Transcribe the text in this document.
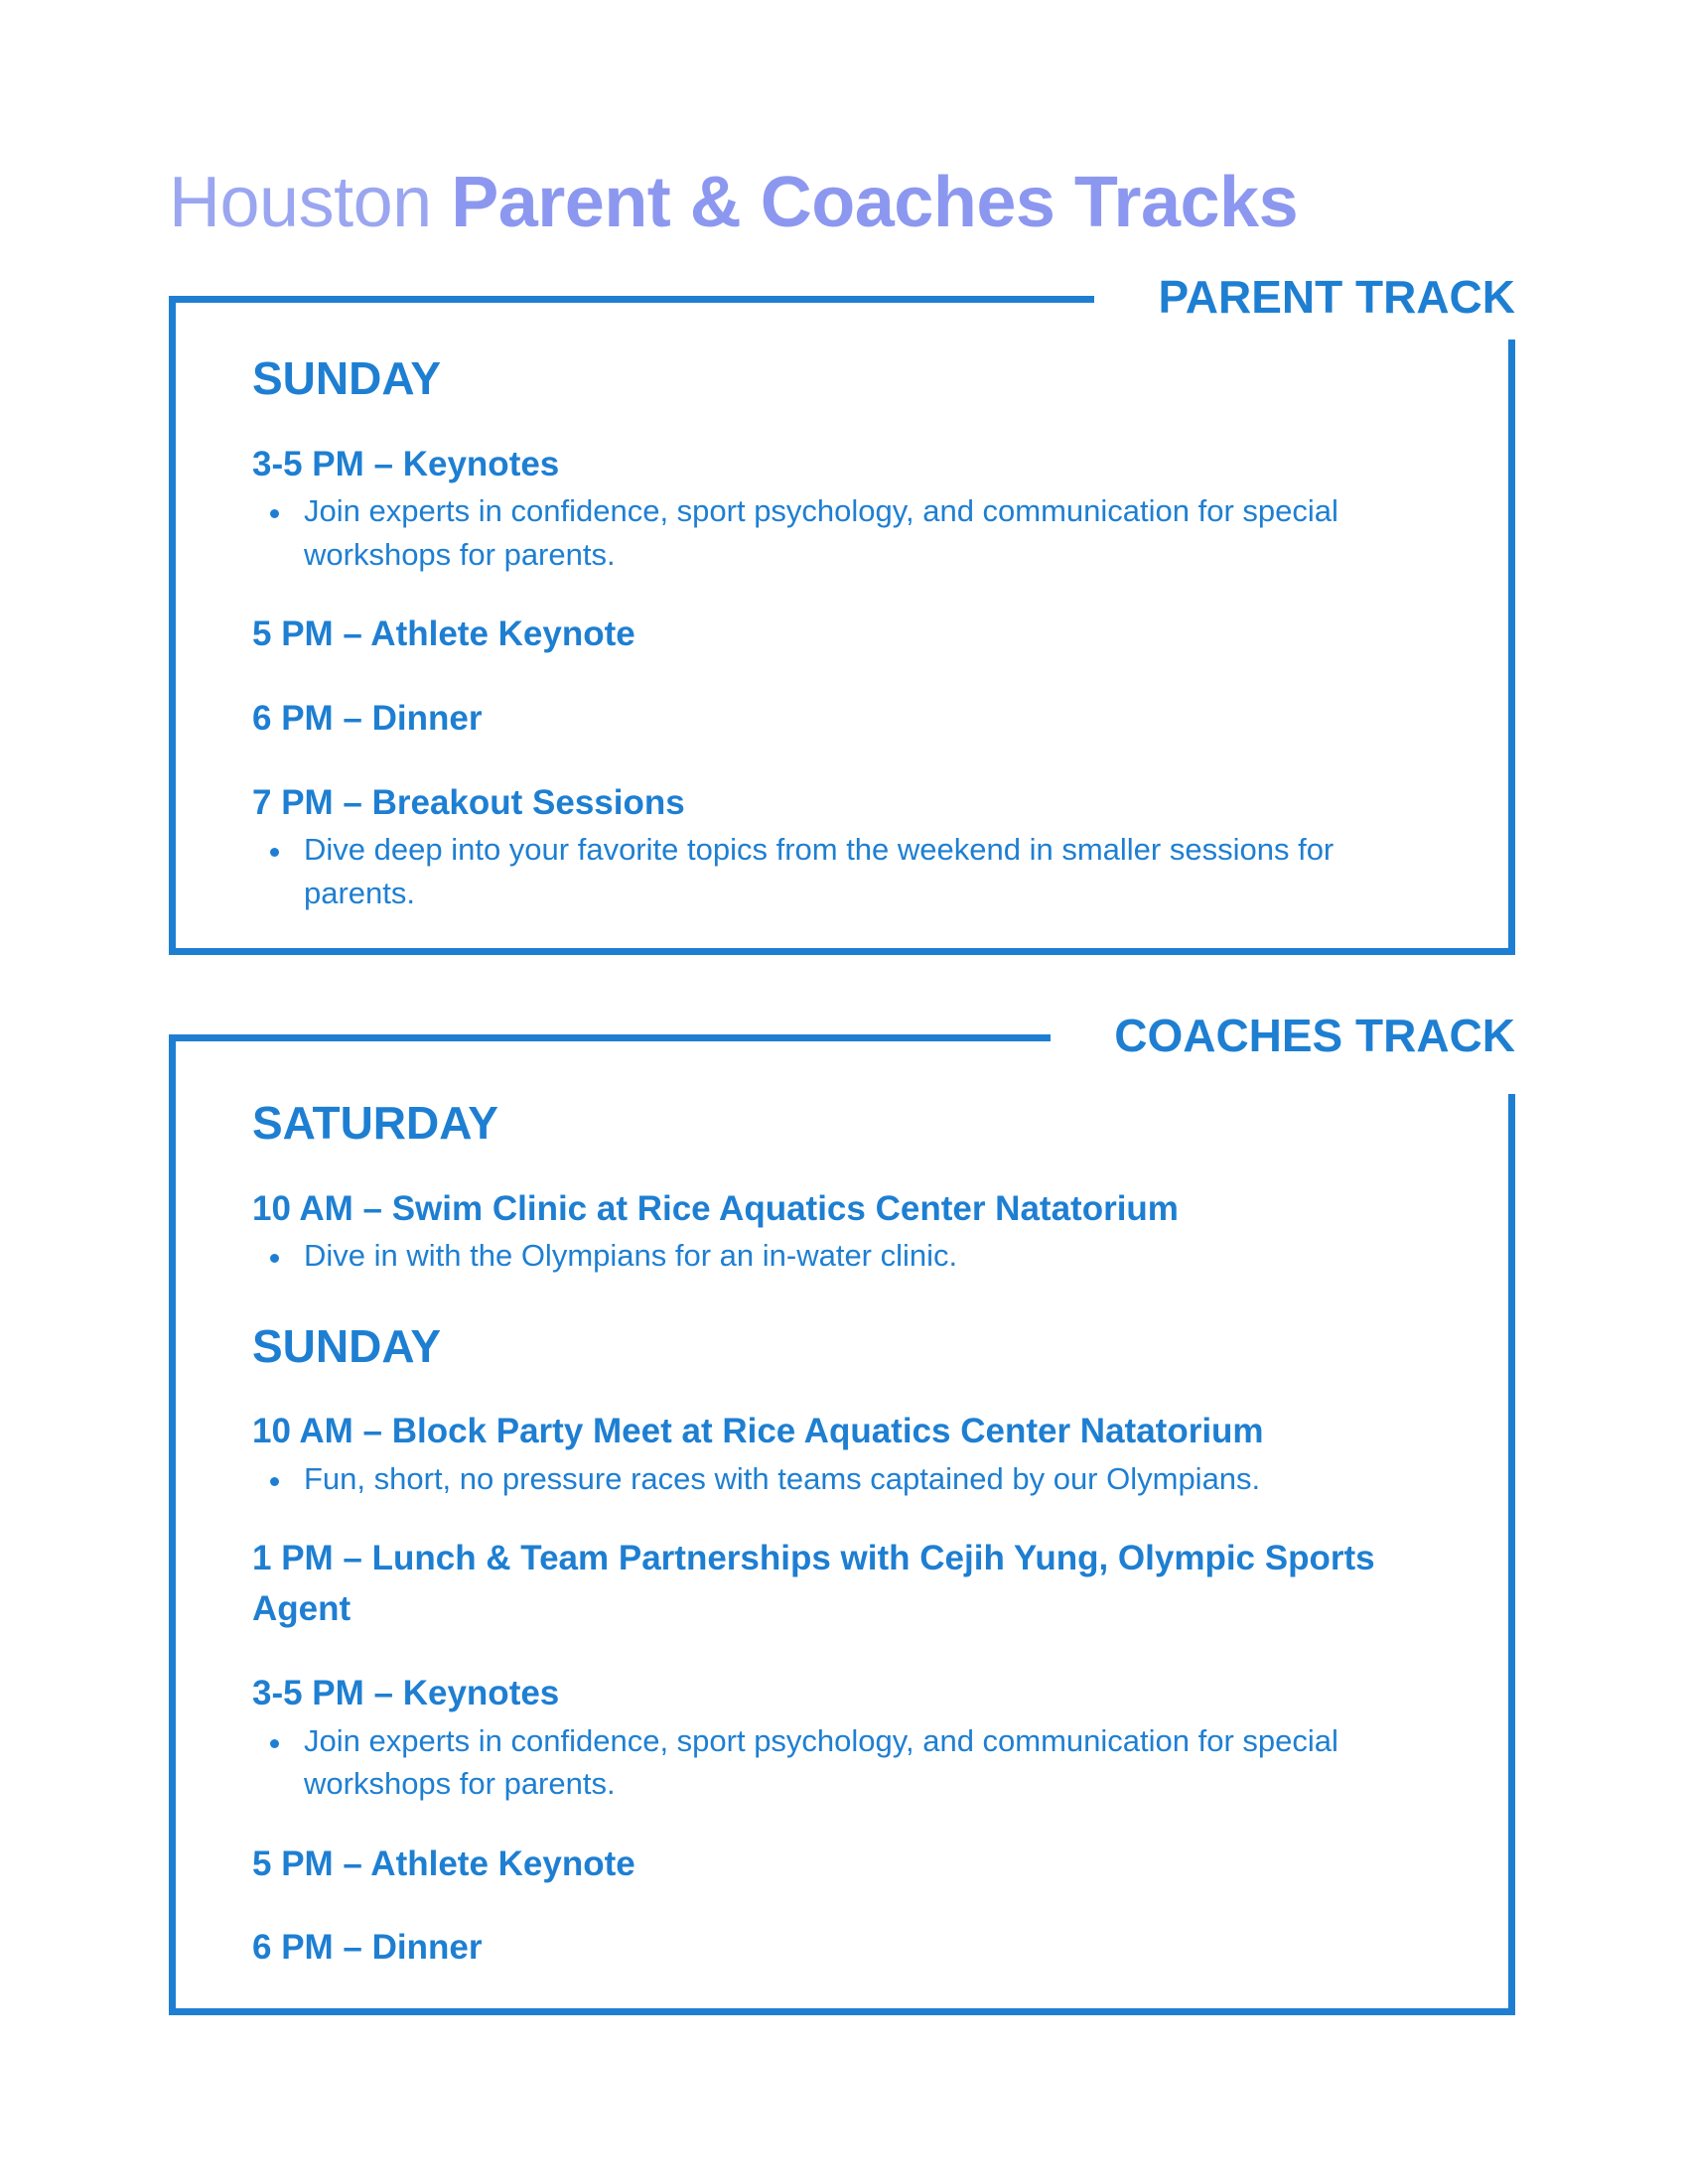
Houston Parent & Coaches Tracks
PARENT TRACK
SUNDAY
3-5 PM – Keynotes
Join experts in confidence, sport psychology, and communication for special workshops for parents.
5 PM – Athlete Keynote
6 PM – Dinner
7 PM – Breakout Sessions
Dive deep into your favorite topics from the weekend in smaller sessions for parents.
COACHES TRACK
SATURDAY
10 AM – Swim Clinic at Rice Aquatics Center Natatorium
Dive in with the Olympians for an in-water clinic.
SUNDAY
10 AM – Block Party Meet at Rice Aquatics Center Natatorium
Fun, short, no pressure races with teams captained by our Olympians.
1 PM – Lunch & Team Partnerships with Cejih Yung, Olympic Sports Agent
3-5 PM – Keynotes
Join experts in confidence, sport psychology, and communication for special workshops for parents.
5 PM – Athlete Keynote
6 PM – Dinner
